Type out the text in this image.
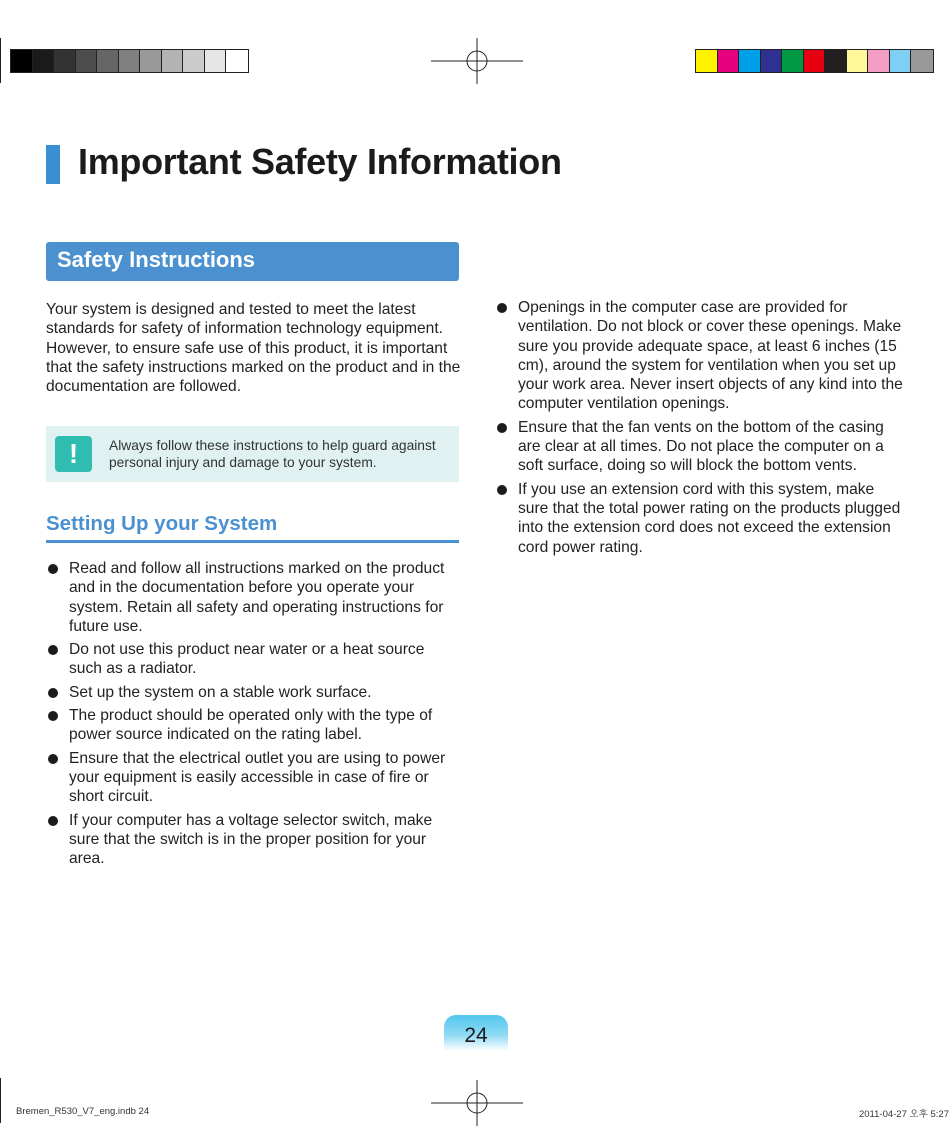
Important Safety Information
Safety Instructions
Your system is designed and tested to meet the latest standards for safety of information technology equipment. However, to ensure safe use of this product, it is important that the safety instructions marked on the product and in the documentation are followed.
!	Always follow these instructions to help guard against personal injury and damage to your system.
Setting Up your System
Read and follow all instructions marked on the product and in the documentation before you operate your system. Retain all safety and operating instructions for future use.
Do not use this product near water or a heat source such as a radiator.
Set up the system on a stable work surface.
The product should be operated only with the type of power source indicated on the rating label.
Ensure that the electrical outlet you are using to power your equipment is easily accessible in case of fire or short circuit.
If your computer has a voltage selector switch, make sure that the switch is in the proper position for your area.
Openings in the computer case are provided for ventilation. Do not block or cover these openings. Make sure you provide adequate space, at least 6 inches (15 cm), around the system for ventilation when you set up your work area. Never insert objects of any kind into the computer ventilation openings.
Ensure that the fan vents on the bottom of the casing are clear at all times. Do not place the computer on a soft surface, doing so will block the bottom vents.
If you use an extension cord with this system, make sure that the total power rating on the products plugged into the extension cord does not exceed the extension cord power rating.
24
Bremen_R530_V7_eng.indb 24	2011-04-27 오후 5:27
